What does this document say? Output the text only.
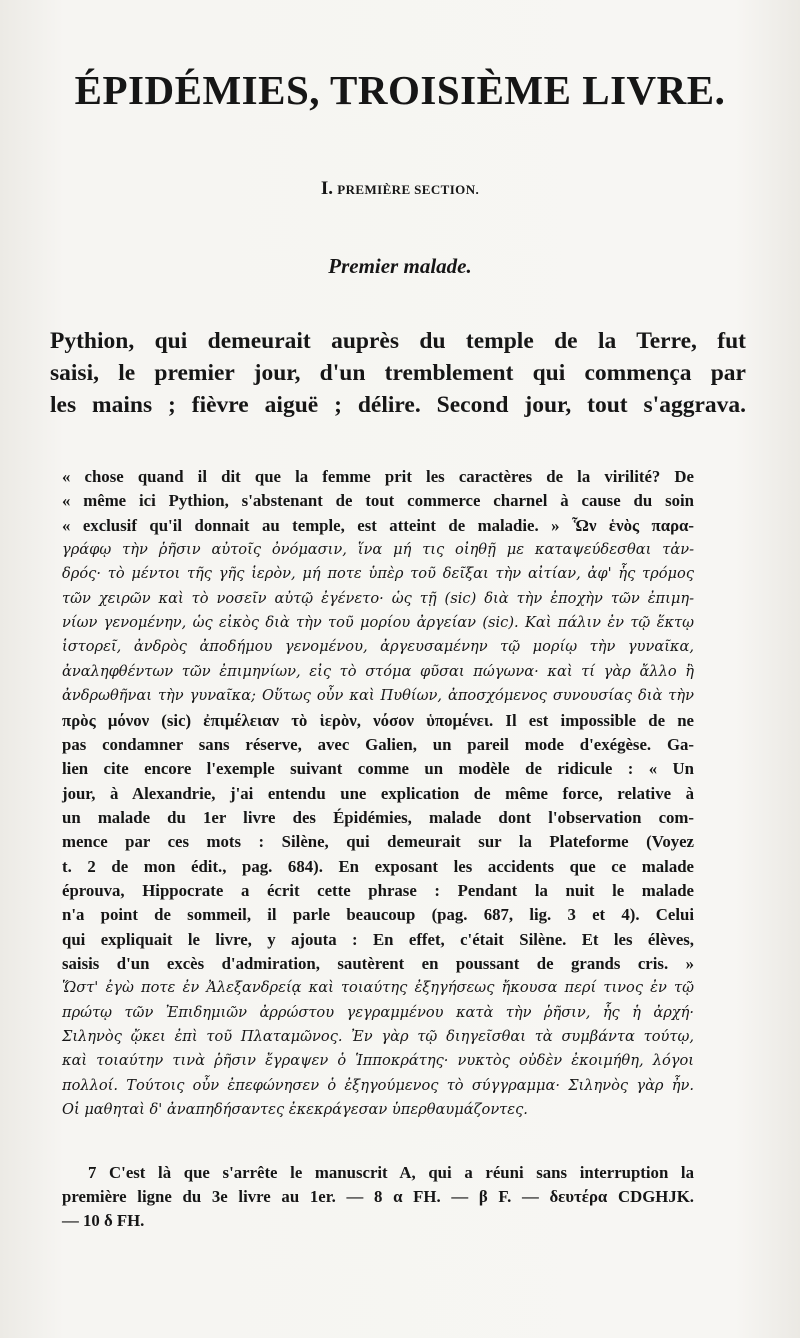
ÉPIDÉMIES, TROISIÈME LIVRE.
I. PREMIÈRE SECTION.
Premier malade.
Pythion, qui demeurait auprès du temple de la Terre, fut
saisi, le premier jour, d'un tremblement qui commença par
les mains ; fièvre aiguë ; délire. Second jour, tout s'aggrava.
« chose quand il dit que la femme prit les caractères de la virilité? De
« même ici Pythion, s'abstenant de tout commerce charnel à cause du soin
« exclusif qu'il donnait au temple, est atteint de maladie. » Ὧν ἑνὸς παρα-
γράφῳ τὴν ῥῆσιν αὐτοῖς ὀνόμασιν, ἵνα μή τις οἰηθῇ με καταψεύδεσθαι τἀν-
δρός· τὸ μέντοι τῆς γῆς ἱερὸν, μή ποτε ὑπὲρ τοῦ δεῖξαι τὴν αἰτίαν, ἀφ' ἧς τρόμος
τῶν χειρῶν καὶ τὸ νοσεῖν αὐτῷ ἐγένετο· ὡς τῇ (sic) διὰ τὴν ἐποχὴν τῶν ἐπιμη-
νίων γενομένην, ὡς εἰκὸς διὰ τὴν τοῦ μορίου ἀργείαν (sic). Καὶ πάλιν ἐν τῷ ἕκτῳ
ἱστορεῖ, ἀνδρὸς ἀποδήμου γενομένου, ἀργευσαμένην τῷ μορίῳ τὴν γυναῖκα,
ἀναληφθέντων τῶν ἐπιμηνίων, εἰς τὸ στόμα φῦσαι πώγωνα· καὶ τί γὰρ ἄλλο ἢ
ἀνδρωθῆναι τὴν γυναῖκα; Οὕτως οὖν καὶ Πυθίων, ἀποσχόμενος συνουσίας διὰ τὴν
πρὸς μόνον (sic) ἐπιμέλειαν τὸ ἱερὸν, νόσον ὑπομένει. Il est impossible de ne
pas condamner sans réserve, avec Galien, un pareil mode d'exégèse. Ga-
lien cite encore l'exemple suivant comme un modèle de ridicule : « Un
jour, à Alexandrie, j'ai entendu une explication de même force, relative à
un malade du 1er livre des Épidémies, malade dont l'observation com-
mence par ces mots : Silène, qui demeurait sur la Plateforme (Voyez
t. 2 de mon édit., pag. 684). En exposant les accidents que ce malade
éprouva, Hippocrate a écrit cette phrase : Pendant la nuit le malade
n'a point de sommeil, il parle beaucoup (pag. 687, lig. 3 et 4). Celui
qui expliquait le livre, y ajouta : En effet, c'était Silène. Et les élèves,
saisis d'un excès d'admiration, sautèrent en poussant de grands cris. »
Ὥστ' ἐγὼ ποτε ἐν Ἀλεξανδρείᾳ καὶ τοιαύτης ἐξηγήσεως ἤκουσα περί τινος ἐν τῷ
πρώτῳ τῶν Ἐπιδημιῶν ἀρρώστου γεγραμμένου κατὰ τὴν ῥῆσιν, ἧς ἡ ἀρχή·
Σιληνὸς ᾤκει ἐπὶ τοῦ Πλαταμῶνος. Ἐν γὰρ τῷ διηγεῖσθαι τὰ συμβάντα τούτῳ,
καὶ τοιαύτην τινὰ ῥῆσιν ἔγραψεν ὁ Ἱπποκράτης· νυκτὸς οὐδὲν ἐκοιμήθη, λόγοι
πολλοί. Τούτοις οὖν ἐπεφώνησεν ὁ ἐξηγούμενος τὸ σύγγραμμα· Σιληνὸς γὰρ ἦν.
Οἱ μαθηταὶ δ' ἀναπηδήσαντες ἐκεκράγεσαν ὑπερθαυμάζοντες.
7 C'est là que s'arrête le manuscrit A, qui a réuni sans interruption la
première ligne du 3e livre au 1er. — 8 α FH. — β F. — δευτέρα CDGHJK.
— 10 δ FH.
